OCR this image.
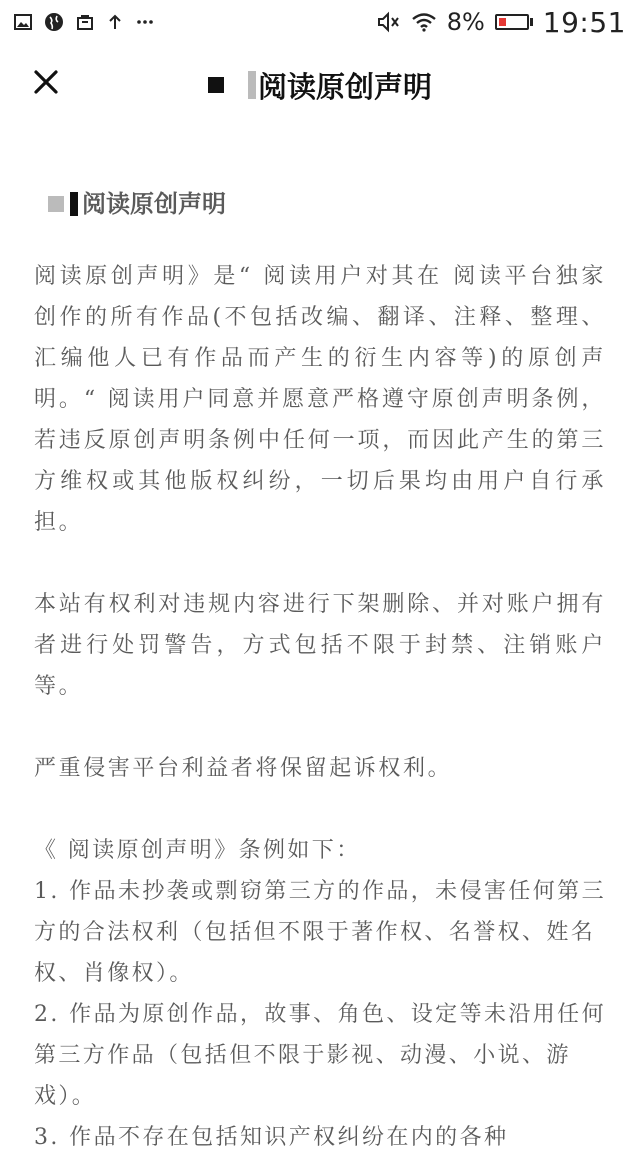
8% 19:51
阅读原创声明
阅读原创声明

阅读原创声明》是“ 阅读用户对其在 阅读平台独家创作的所有作品(不包括改编、翻译、注释、整理、汇编他人已有作品而产生的衍生内容等)的原创声明。“ 阅读用户同意并愿意严格遵守原创声明条例，若违反原创声明条例中任何一项，而因此产生的第三方维权或其他版权纠纷，一切后果均由用户自行承担。

本站有权利对违规内容进行下架删除、并对账户拥有者进行处罚警告，方式包括不限于封禁、注销账户等。

严重侵害平台利益者将保留起诉权利。

《 阅读原创声明》条例如下：

1. 作品未抄袭或剽窃第三方的作品，未侵害任何第三方的合法权利（包括但不限于著作权、名誉权、姓名权、肖像权）。

2. 作品为原创作品，故事、角色、设定等未沿用任何第三方作品（包括但不限于影视、动漫、小说、游戏）。

3. 作品不存在包括知识产权纠纷在内的各种
